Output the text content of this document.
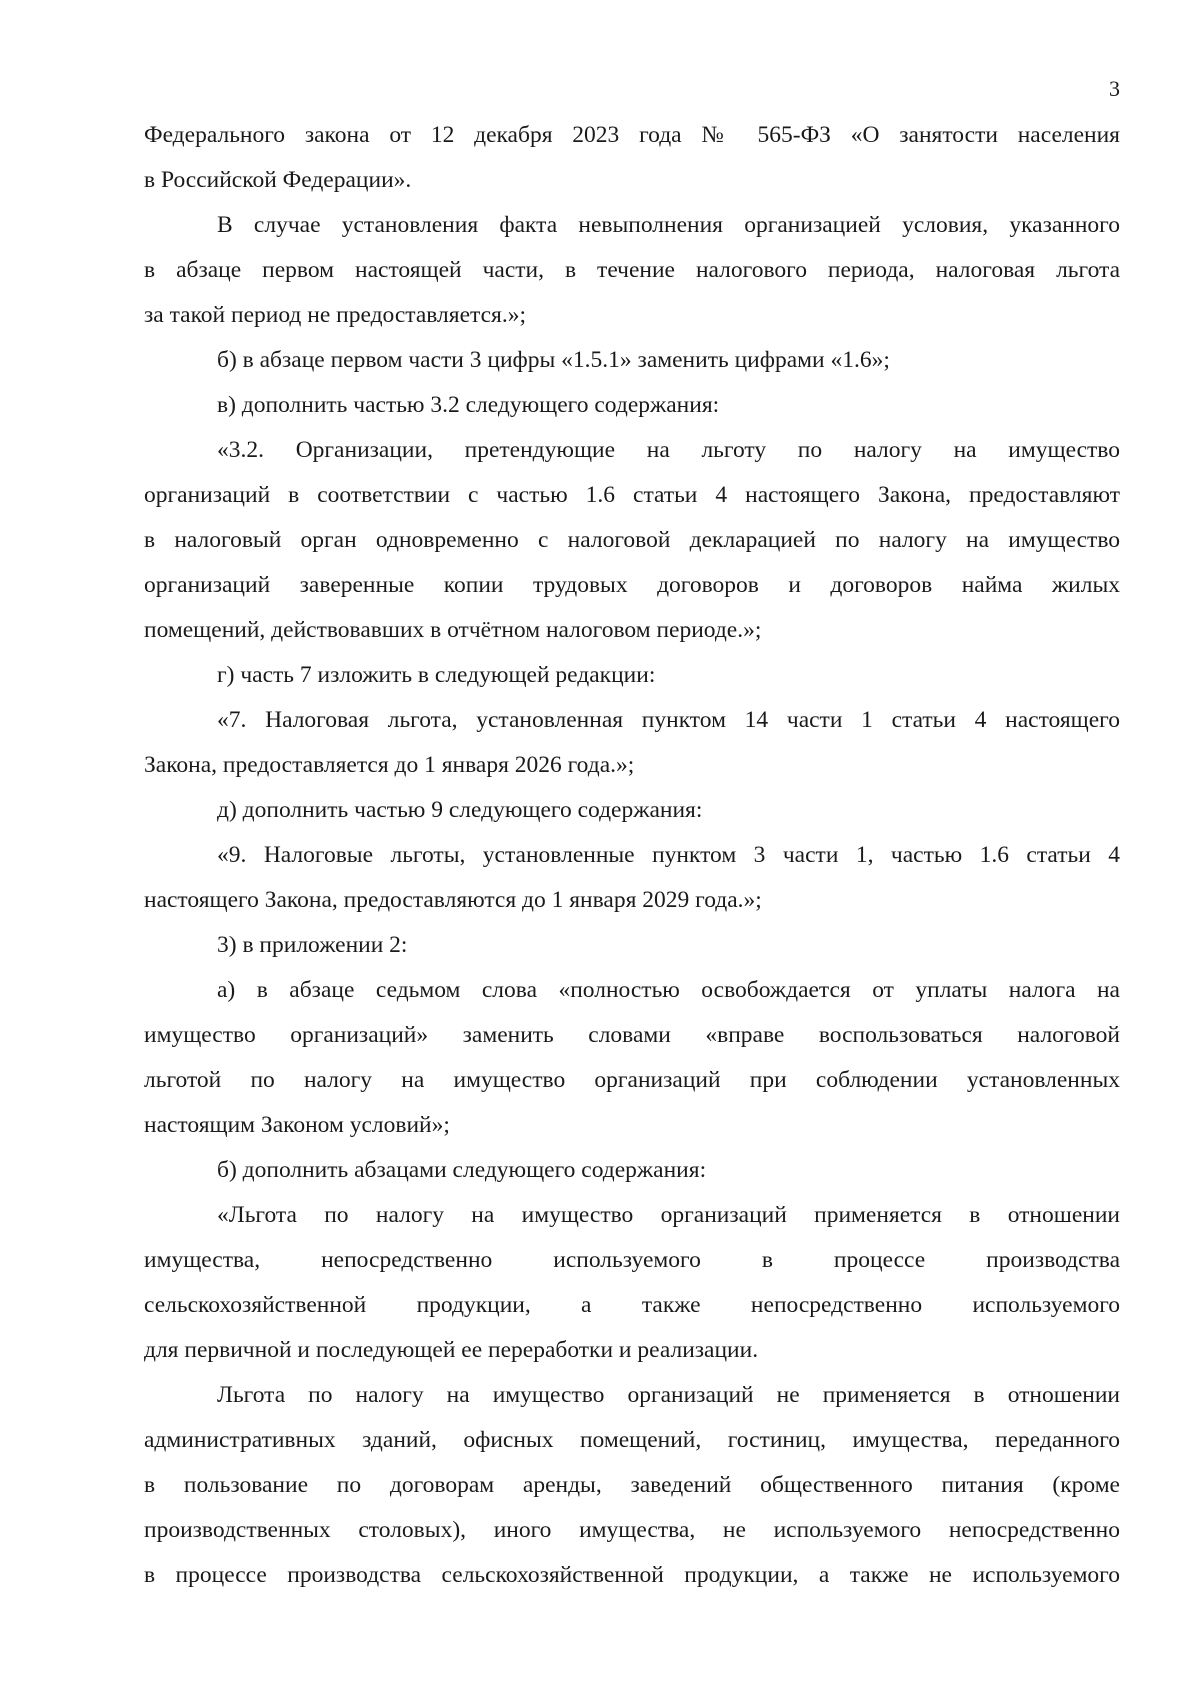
3
Федерального закона от 12 декабря 2023 года № 565-ФЗ «О занятости населения
в Российской Федерации».
В случае установления факта невыполнения организацией условия, указанного
в абзаце первом настоящей части, в течение налогового периода, налоговая льгота
за такой период не предоставляется.»;
б) в абзаце первом части 3 цифры «1.5.1» заменить цифрами «1.6»;
в) дополнить частью 3.2 следующего содержания:
«3.2. Организации, претендующие на льготу по налогу на имущество
организаций в соответствии с частью 1.6 статьи 4 настоящего Закона, предоставляют
в налоговый орган одновременно с налоговой декларацией по налогу на имущество
организаций заверенные копии трудовых договоров и договоров найма жилых
помещений, действовавших в отчётном налоговом периоде.»;
г) часть 7 изложить в следующей редакции:
«7. Налоговая льгота, установленная пунктом 14 части 1 статьи 4 настоящего
Закона, предоставляется до 1 января 2026 года.»;
д) дополнить частью 9 следующего содержания:
«9. Налоговые льготы, установленные пунктом 3 части 1, частью 1.6 статьи 4
настоящего Закона, предоставляются до 1 января 2029 года.»;
3) в приложении 2:
а) в абзаце седьмом слова «полностью освобождается от уплаты налога на
имущество организаций» заменить словами «вправе воспользоваться налоговой
льготой по налогу на имущество организаций при соблюдении установленных
настоящим Законом условий»;
б) дополнить абзацами следующего содержания:
«Льгота по налогу на имущество организаций применяется в отношении
имущества, непосредственно используемого в процессе производства
сельскохозяйственной продукции, а также непосредственно используемого
для первичной и последующей ее переработки и реализации.
Льгота по налогу на имущество организаций не применяется в отношении
административных зданий, офисных помещений, гостиниц, имущества, переданного
в пользование по договорам аренды, заведений общественного питания (кроме
производственных столовых), иного имущества, не используемого непосредственно
в процессе производства сельскохозяйственной продукции, а также не используемого
